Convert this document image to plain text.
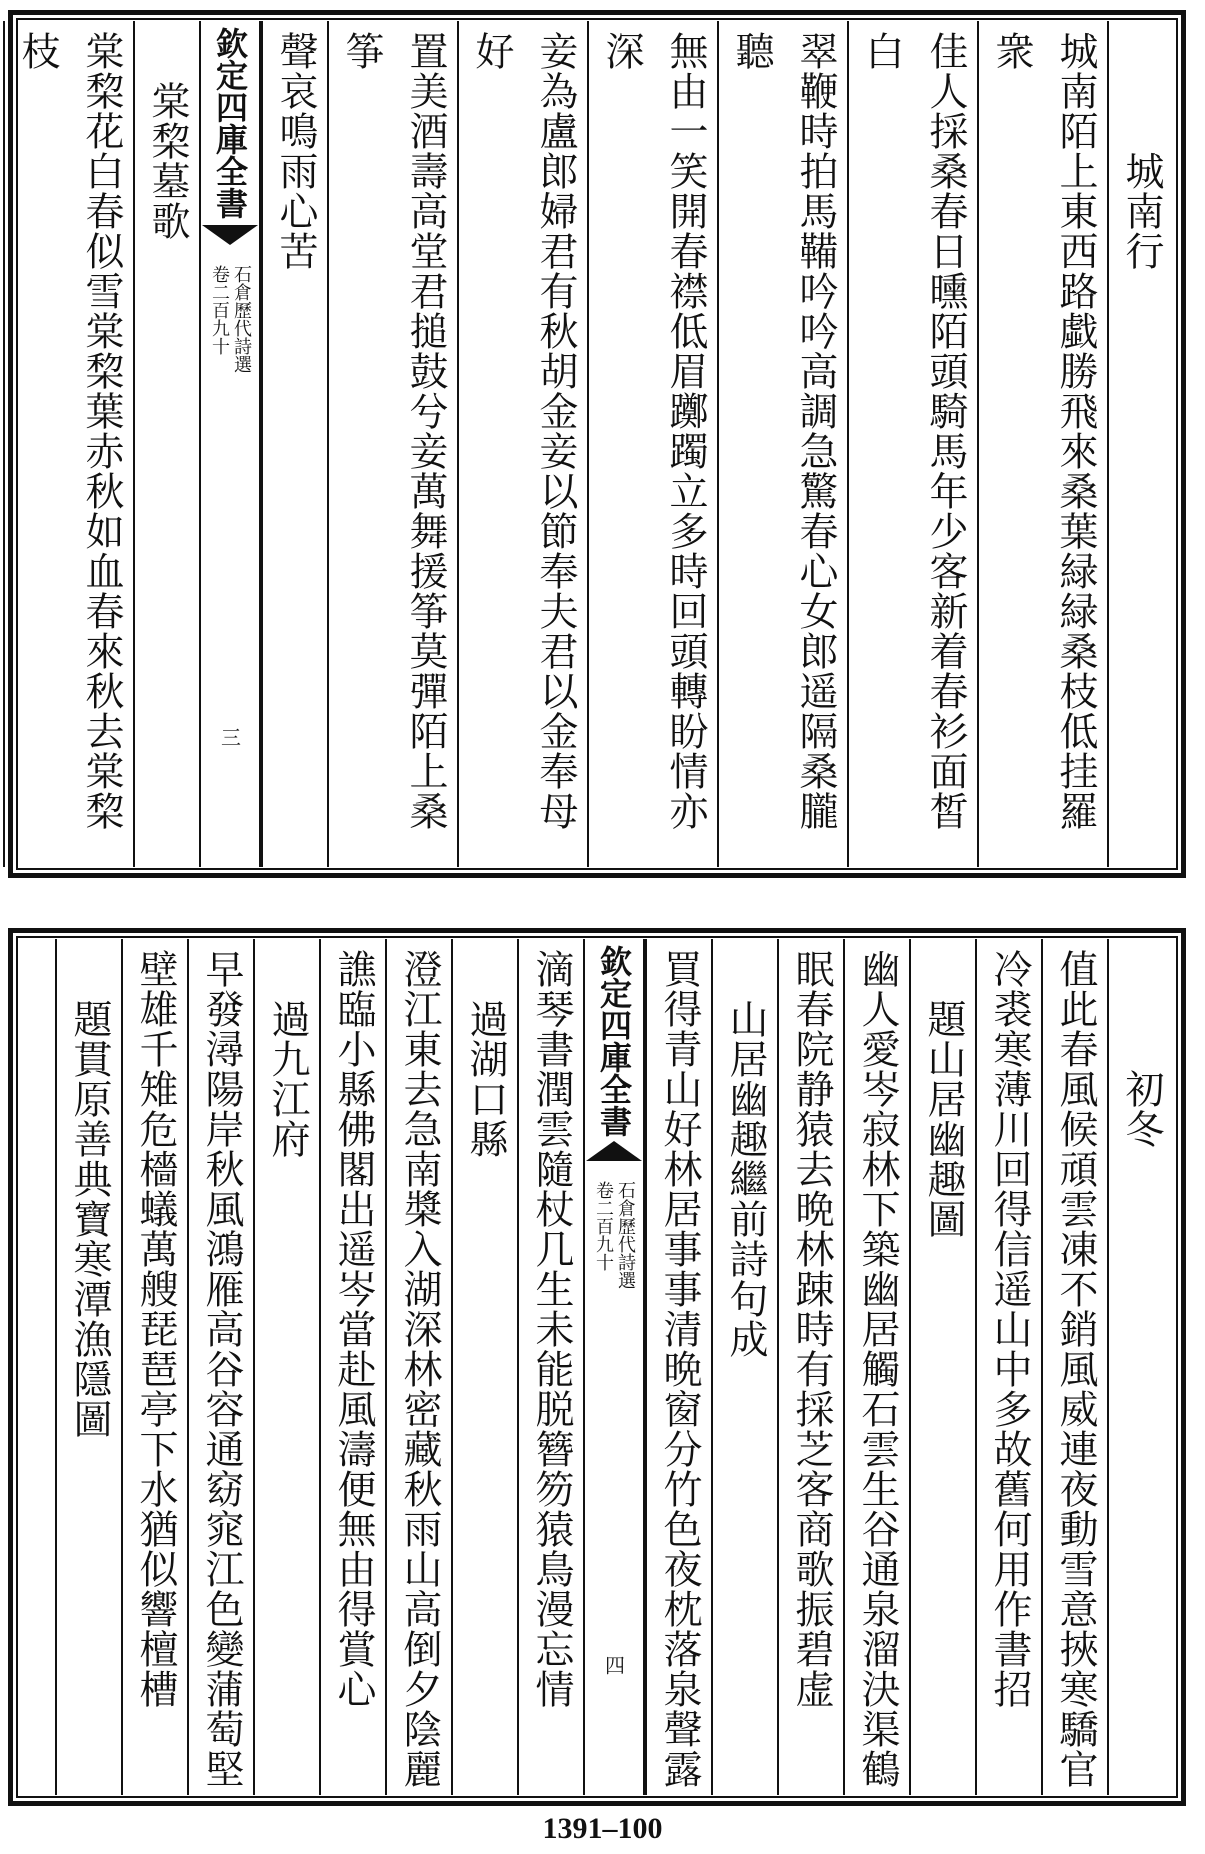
城南行
城南陌上東西路戱勝飛來桑葉緑緑桑枝低挂羅衆
佳人採桑春日曛陌頭騎馬年少客新着春衫面皙白
翠鞭時拍馬鞴吟吟高調急驚春心女郎遥隔桑朧聽
無由一笑開春襟低眉躑躅立多時回頭轉盼情亦深
妾為盧郎婦君有秋胡金妾以節奉夫君以金奉母好
置美酒壽高堂君搥鼓兮妾萬舞援筝莫彈陌上桑筝
聲哀鳴雨心苦
欽定四庫全書
石倉歷代詩選
卷二百九十
三
棠棃墓歌
棠棃花白春似雪棠棃葉赤秋如血春來秋去棠棃枝
初冬
值此春風候頑雲凍不銷風威連夜動雪意挾寒驕官
冷裘寒薄川回得信遥山中多故舊何用作書招
題山居幽趣圖
幽人愛岑寂林下築幽居觸石雲生谷通泉溜決渠鶴
眠春院静猿去晩林踈時有採芝客商歌振碧虚
山居幽趣繼前詩句成
買得青山好林居事事清晩窗分竹色夜枕落泉聲露
欽定四庫全書
石倉歷代詩選
卷二百九十
四
滴琴書潤雲隨杖几生未能脱簪笏猿鳥漫忘情
過湖口縣
澄江東去急南槳入湖深林密藏秋雨山高倒夕陰麗
譙臨小縣佛閣出遥岑當赴風濤便無由得賞心
過九江府
早發潯陽岸秋風鴻雁高谷容通窈窕江色變蒲萄堅
壁雄千雉危檣蟻萬艘琵琶亭下水猶似響檀槽
題貫原善典寶寒潭漁隱圖
1391–100
